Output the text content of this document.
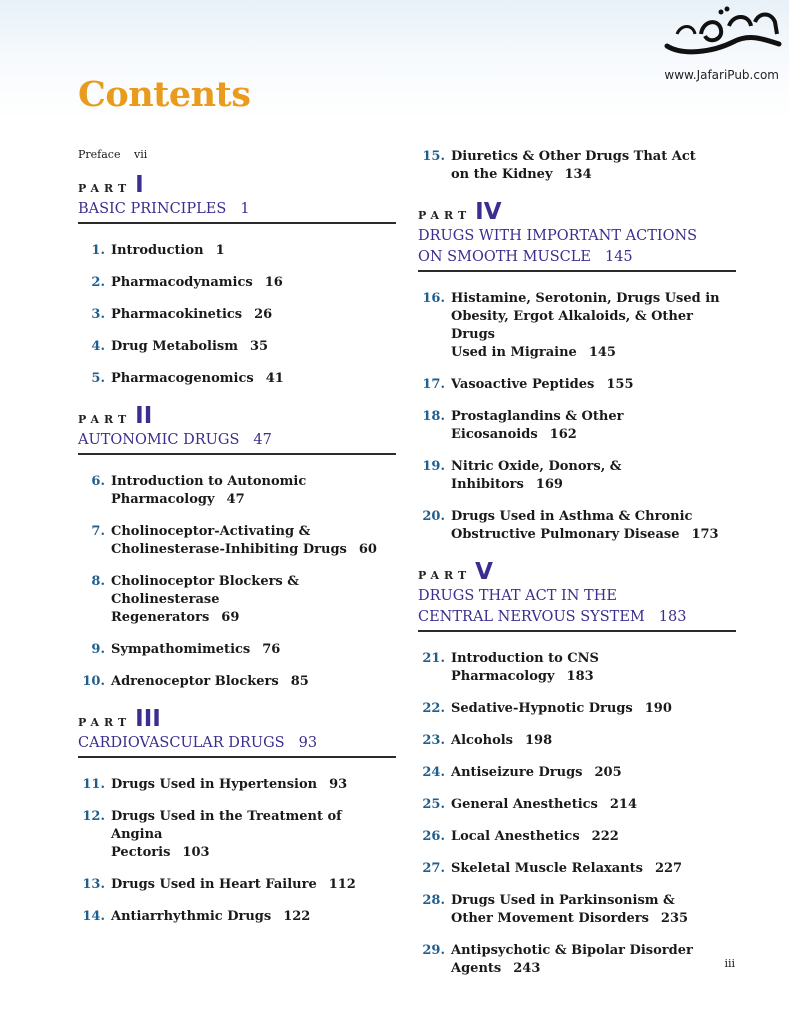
www.JafariPub.com
Contents
Preface vii
PART I
BASIC PRINCIPLES 1
1. Introduction 1
2. Pharmacodynamics 16
3. Pharmacokinetics 26
4. Drug Metabolism 35
5. Pharmacogenomics 41
PART II
AUTONOMIC DRUGS 47
6. Introduction to Autonomic
Pharmacology 47
7. Cholinoceptor-Activating &
Cholinesterase-Inhibiting Drugs 60
8. Cholinoceptor Blockers & Cholinesterase
Regenerators 69
9. Sympathomimetics 76
10. Adrenoceptor Blockers 85
PART III
CARDIOVASCULAR DRUGS 93
11. Drugs Used in Hypertension 93
12. Drugs Used in the Treatment of Angina
Pectoris 103
13. Drugs Used in Heart Failure 112
14. Antiarrhythmic Drugs 122
15. Diuretics & Other Drugs That Act
on the Kidney 134
PART IV
DRUGS WITH IMPORTANT ACTIONS
ON SMOOTH MUSCLE 145
16. Histamine, Serotonin, Drugs Used in
Obesity, Ergot Alkaloids, & Other Drugs
Used in Migraine 145
17. Vasoactive Peptides 155
18. Prostaglandins & Other Eicosanoids 162
19. Nitric Oxide, Donors, & Inhibitors 169
20. Drugs Used in Asthma & Chronic
Obstructive Pulmonary Disease 173
PART V
DRUGS THAT ACT IN THE
CENTRAL NERVOUS SYSTEM 183
21. Introduction to CNS Pharmacology 183
22. Sedative-Hypnotic Drugs 190
23. Alcohols 198
24. Antiseizure Drugs 205
25. General Anesthetics 214
26. Local Anesthetics 222
27. Skeletal Muscle Relaxants 227
28. Drugs Used in Parkinsonism &
Other Movement Disorders 235
29. Antipsychotic & Bipolar Disorder
Agents 243	iii
